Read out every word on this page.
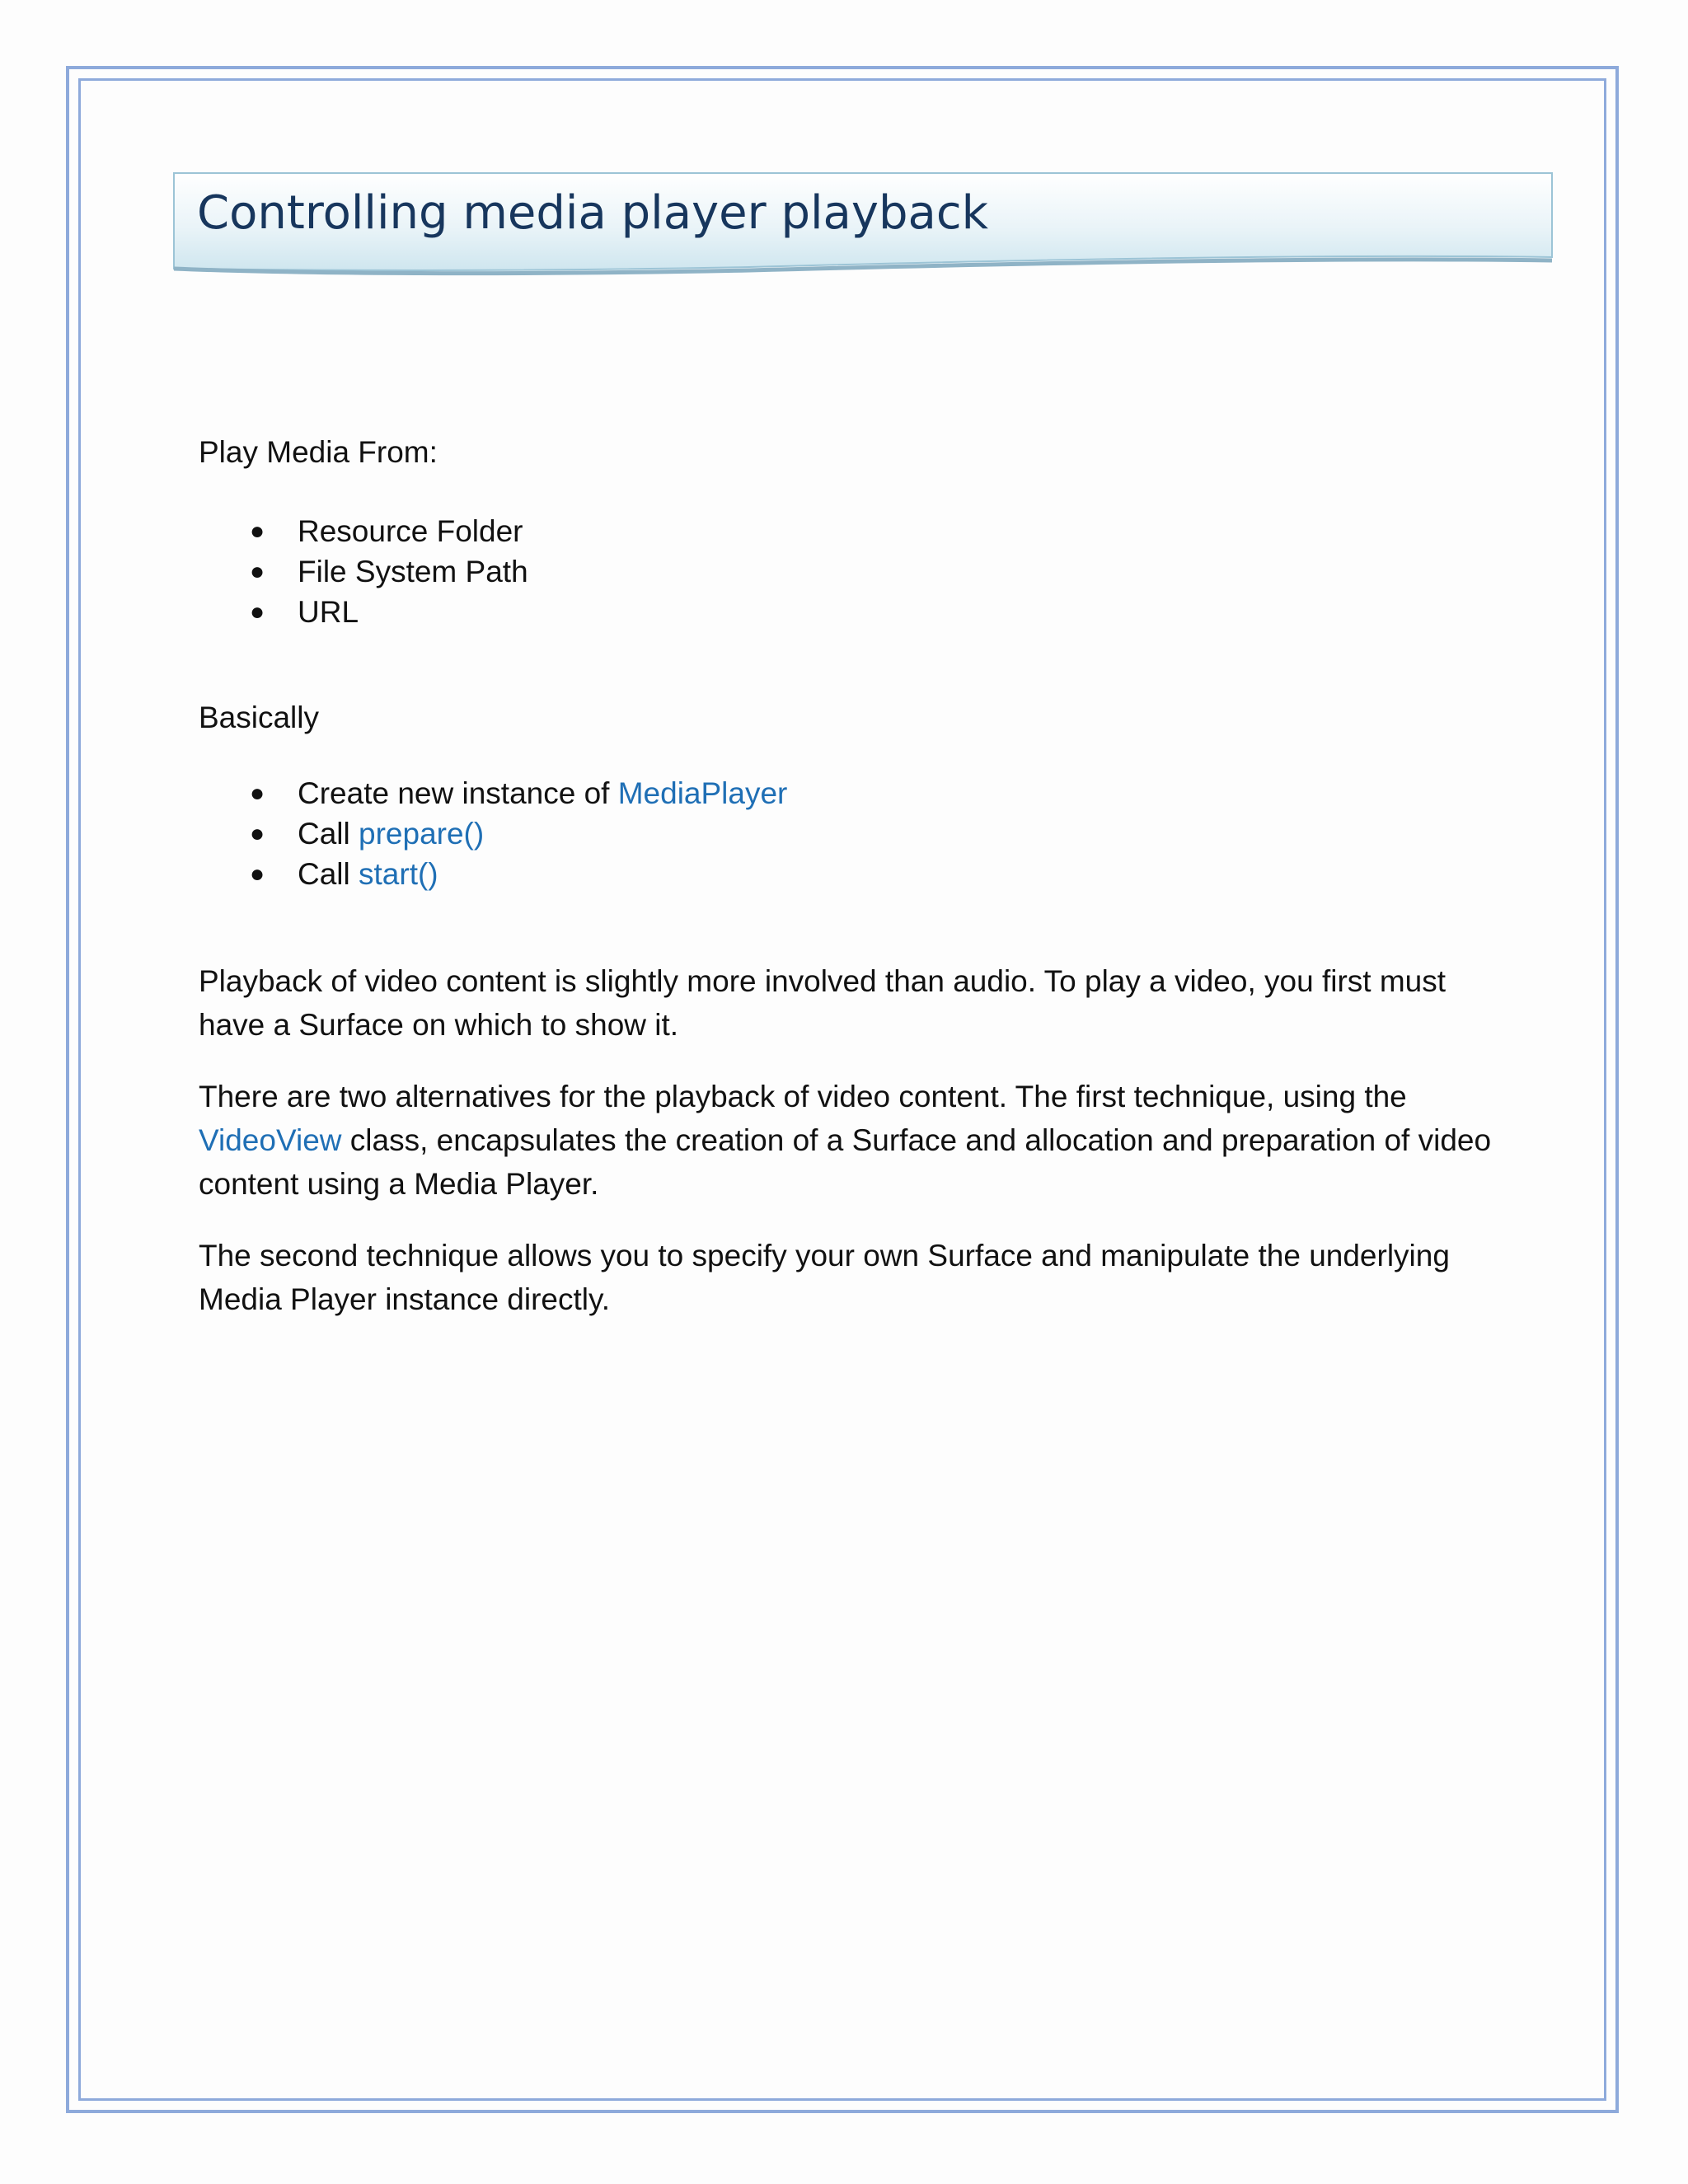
Controlling media player playback
Play Media From:
● Resource Folder
● File System Path
● URL
Basically
● Create new instance of MediaPlayer
● Call prepare()
● Call start()
Playback of video content is slightly more involved than audio. To play a video, you first must have a Surface on which to show it.
There are two alternatives for the playback of video content. The first technique, using the VideoView class, encapsulates the creation of a Surface and allocation and preparation of video content using a Media Player.
The second technique allows you to specify your own Surface and manipulate the underlying Media Player instance directly.
